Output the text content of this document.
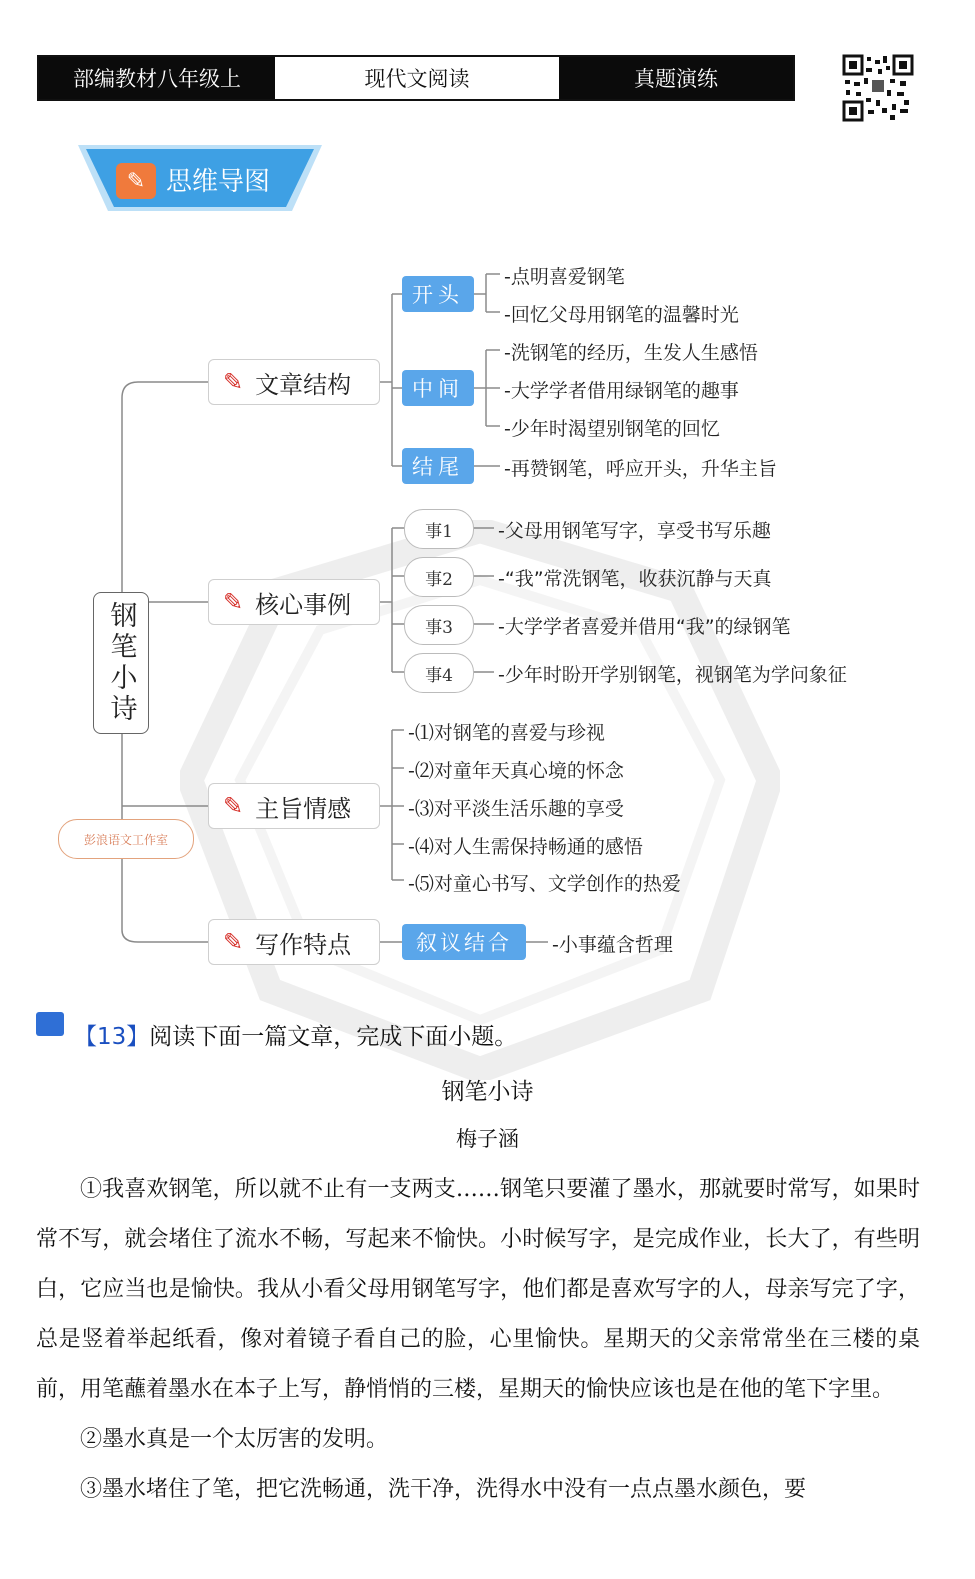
部编教材八年级上	现代文阅读	真题演练
✎ 思维导图
钢笔小诗
彭浪语文工作室
✎ 文章结构
开头
中间
结尾
-点明喜爱钢笔
-回忆父母用钢笔的温馨时光
-洗钢笔的经历，生发人生感悟
-大学学者借用绿钢笔的趣事
-少年时渴望别钢笔的回忆
-再赞钢笔，呼应开头，升华主旨
✎ 核心事例
事1
事2
事3
事4
-父母用钢笔写字，享受书写乐趣
-“我”常洗钢笔，收获沉静与天真
-大学学者喜爱并借用“我”的绿钢笔
-少年时盼开学别钢笔，视钢笔为学问象征
✎ 主旨情感
-⑴对钢笔的喜爱与珍视
-⑵对童年天真心境的怀念
-⑶对平淡生活乐趣的享受
-⑷对人生需保持畅通的感悟
-⑸对童心书写、文学创作的热爱
✎ 写作特点	叙议结合	-小事蕴含哲理
【13】阅读下面一篇文章，完成下面小题。
钢笔小诗
梅子涵

①我喜欢钢笔，所以就不止有一支两支……钢笔只要灌了墨水，那就要时常写，如果时常不写，就会堵住了流水不畅，写起来不愉快。小时候写字，是完成作业，长大了，有些明白，它应当也是愉快。我从小看父母用钢笔写字，他们都是喜欢写字的人，母亲写完了字，总是竖着举起纸看，像对着镜子看自己的脸，心里愉快。星期天的父亲常常坐在三楼的桌前，用笔蘸着墨水在本子上写，静悄悄的三楼，星期天的愉快应该也是在他的笔下字里。

②墨水真是一个太厉害的发明。

③墨水堵住了笔，把它洗畅通，洗干净，洗得水中没有一点点墨水颜色，要
